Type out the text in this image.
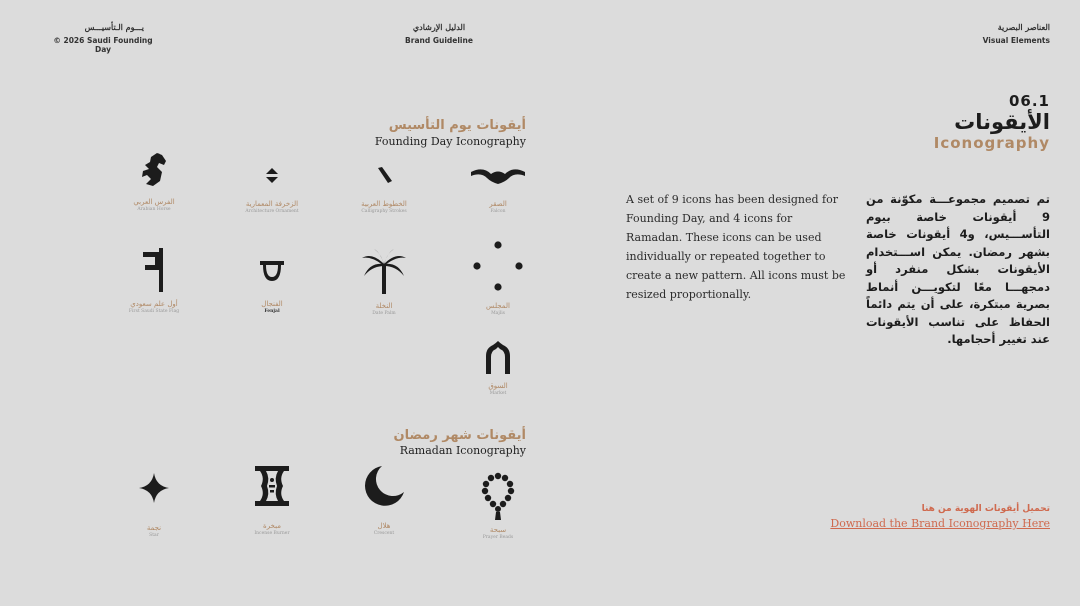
يـــوم الـتأسيـــس
© 2026 Saudi Founding Day
الدليل الإرشادي
Brand Guideline
العناصر البصرية
Visual Elements
أيقونات يوم التأسيس
Founding Day Iconography
الصقر
Falcon
الخطوط العربية
Calligraphy Strokes
الزخرفة المعمارية
Architecture Ornament
الفرس العربي
Arabian Horse
المجلس
Majlis
النخلة
Date Palm
الفنجال
Fenjal
أول علم سعودي
First Saudi State Flag
السوق
Market
أيقونات شهر رمضان
Ramadan Iconography
سبحة
Prayer Beads
هلال
Crescent
مبخرة
Incense Burner
نجمة
Star
06.1
الأيقونات
Iconography
A set of 9 icons has been designed for Founding Day, and 4 icons for Ramadan. These icons can be used individually or repeated together to create a new pattern. All icons must be resized proportionally.
تم تصميم مجموعـــة مكوّنة من 9 أيقونات خاصة بيوم التأســـيس، و4 أيقونات خاصة بشهر رمضان. يمكن اســـتخدام الأيقونات بشكل منفرد أو دمجهـــا معًا لتكويـــن أنماط بصرية مبتكرة، على أن يتم دائماً الحفاظ على تناسب الأيقونات عند تغيير أحجامها.
تحميل أيقونات الهوية من هنا
Download the Brand Iconography Here
